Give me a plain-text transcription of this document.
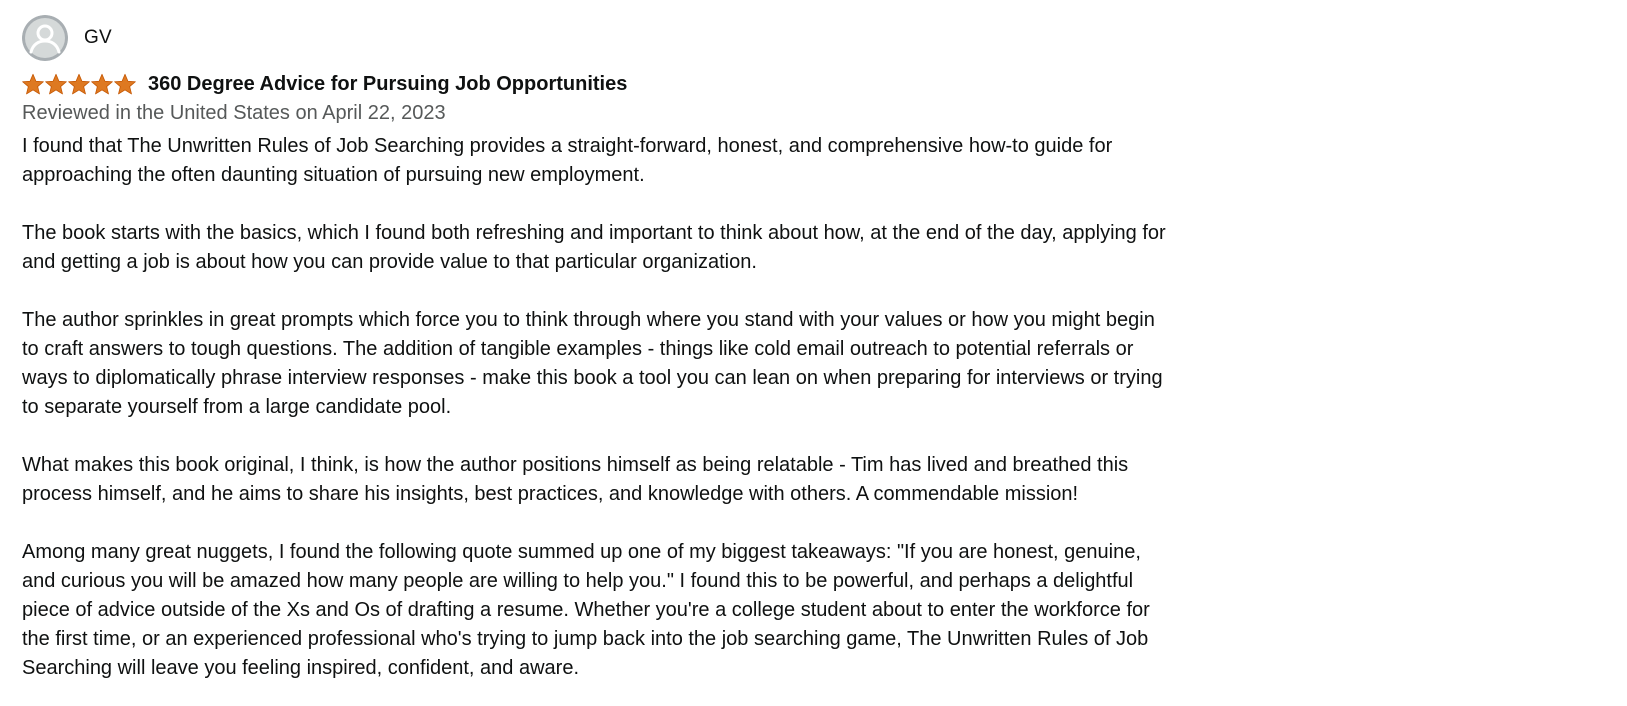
GV
360 Degree Advice for Pursuing Job Opportunities
Reviewed in the United States on April 22, 2023

I found that The Unwritten Rules of Job Searching provides a straight-forward, honest, and comprehensive how-to guide for approaching the often daunting situation of pursuing new employment.

The book starts with the basics, which I found both refreshing and important to think about how, at the end of the day, applying for and getting a job is about how you can provide value to that particular organization.

The author sprinkles in great prompts which force you to think through where you stand with your values or how you might begin to craft answers to tough questions. The addition of tangible examples - things like cold email outreach to potential referrals or ways to diplomatically phrase interview responses - make this book a tool you can lean on when preparing for interviews or trying to separate yourself from a large candidate pool.

What makes this book original, I think, is how the author positions himself as being relatable - Tim has lived and breathed this process himself, and he aims to share his insights, best practices, and knowledge with others. A commendable mission!

Among many great nuggets, I found the following quote summed up one of my biggest takeaways: "If you are honest, genuine, and curious you will be amazed how many people are willing to help you." I found this to be powerful, and perhaps a delightful piece of advice outside of the Xs and Os of drafting a resume. Whether you're a college student about to enter the workforce for the first time, or an experienced professional who's trying to jump back into the job searching game, The Unwritten Rules of Job Searching will leave you feeling inspired, confident, and aware.
